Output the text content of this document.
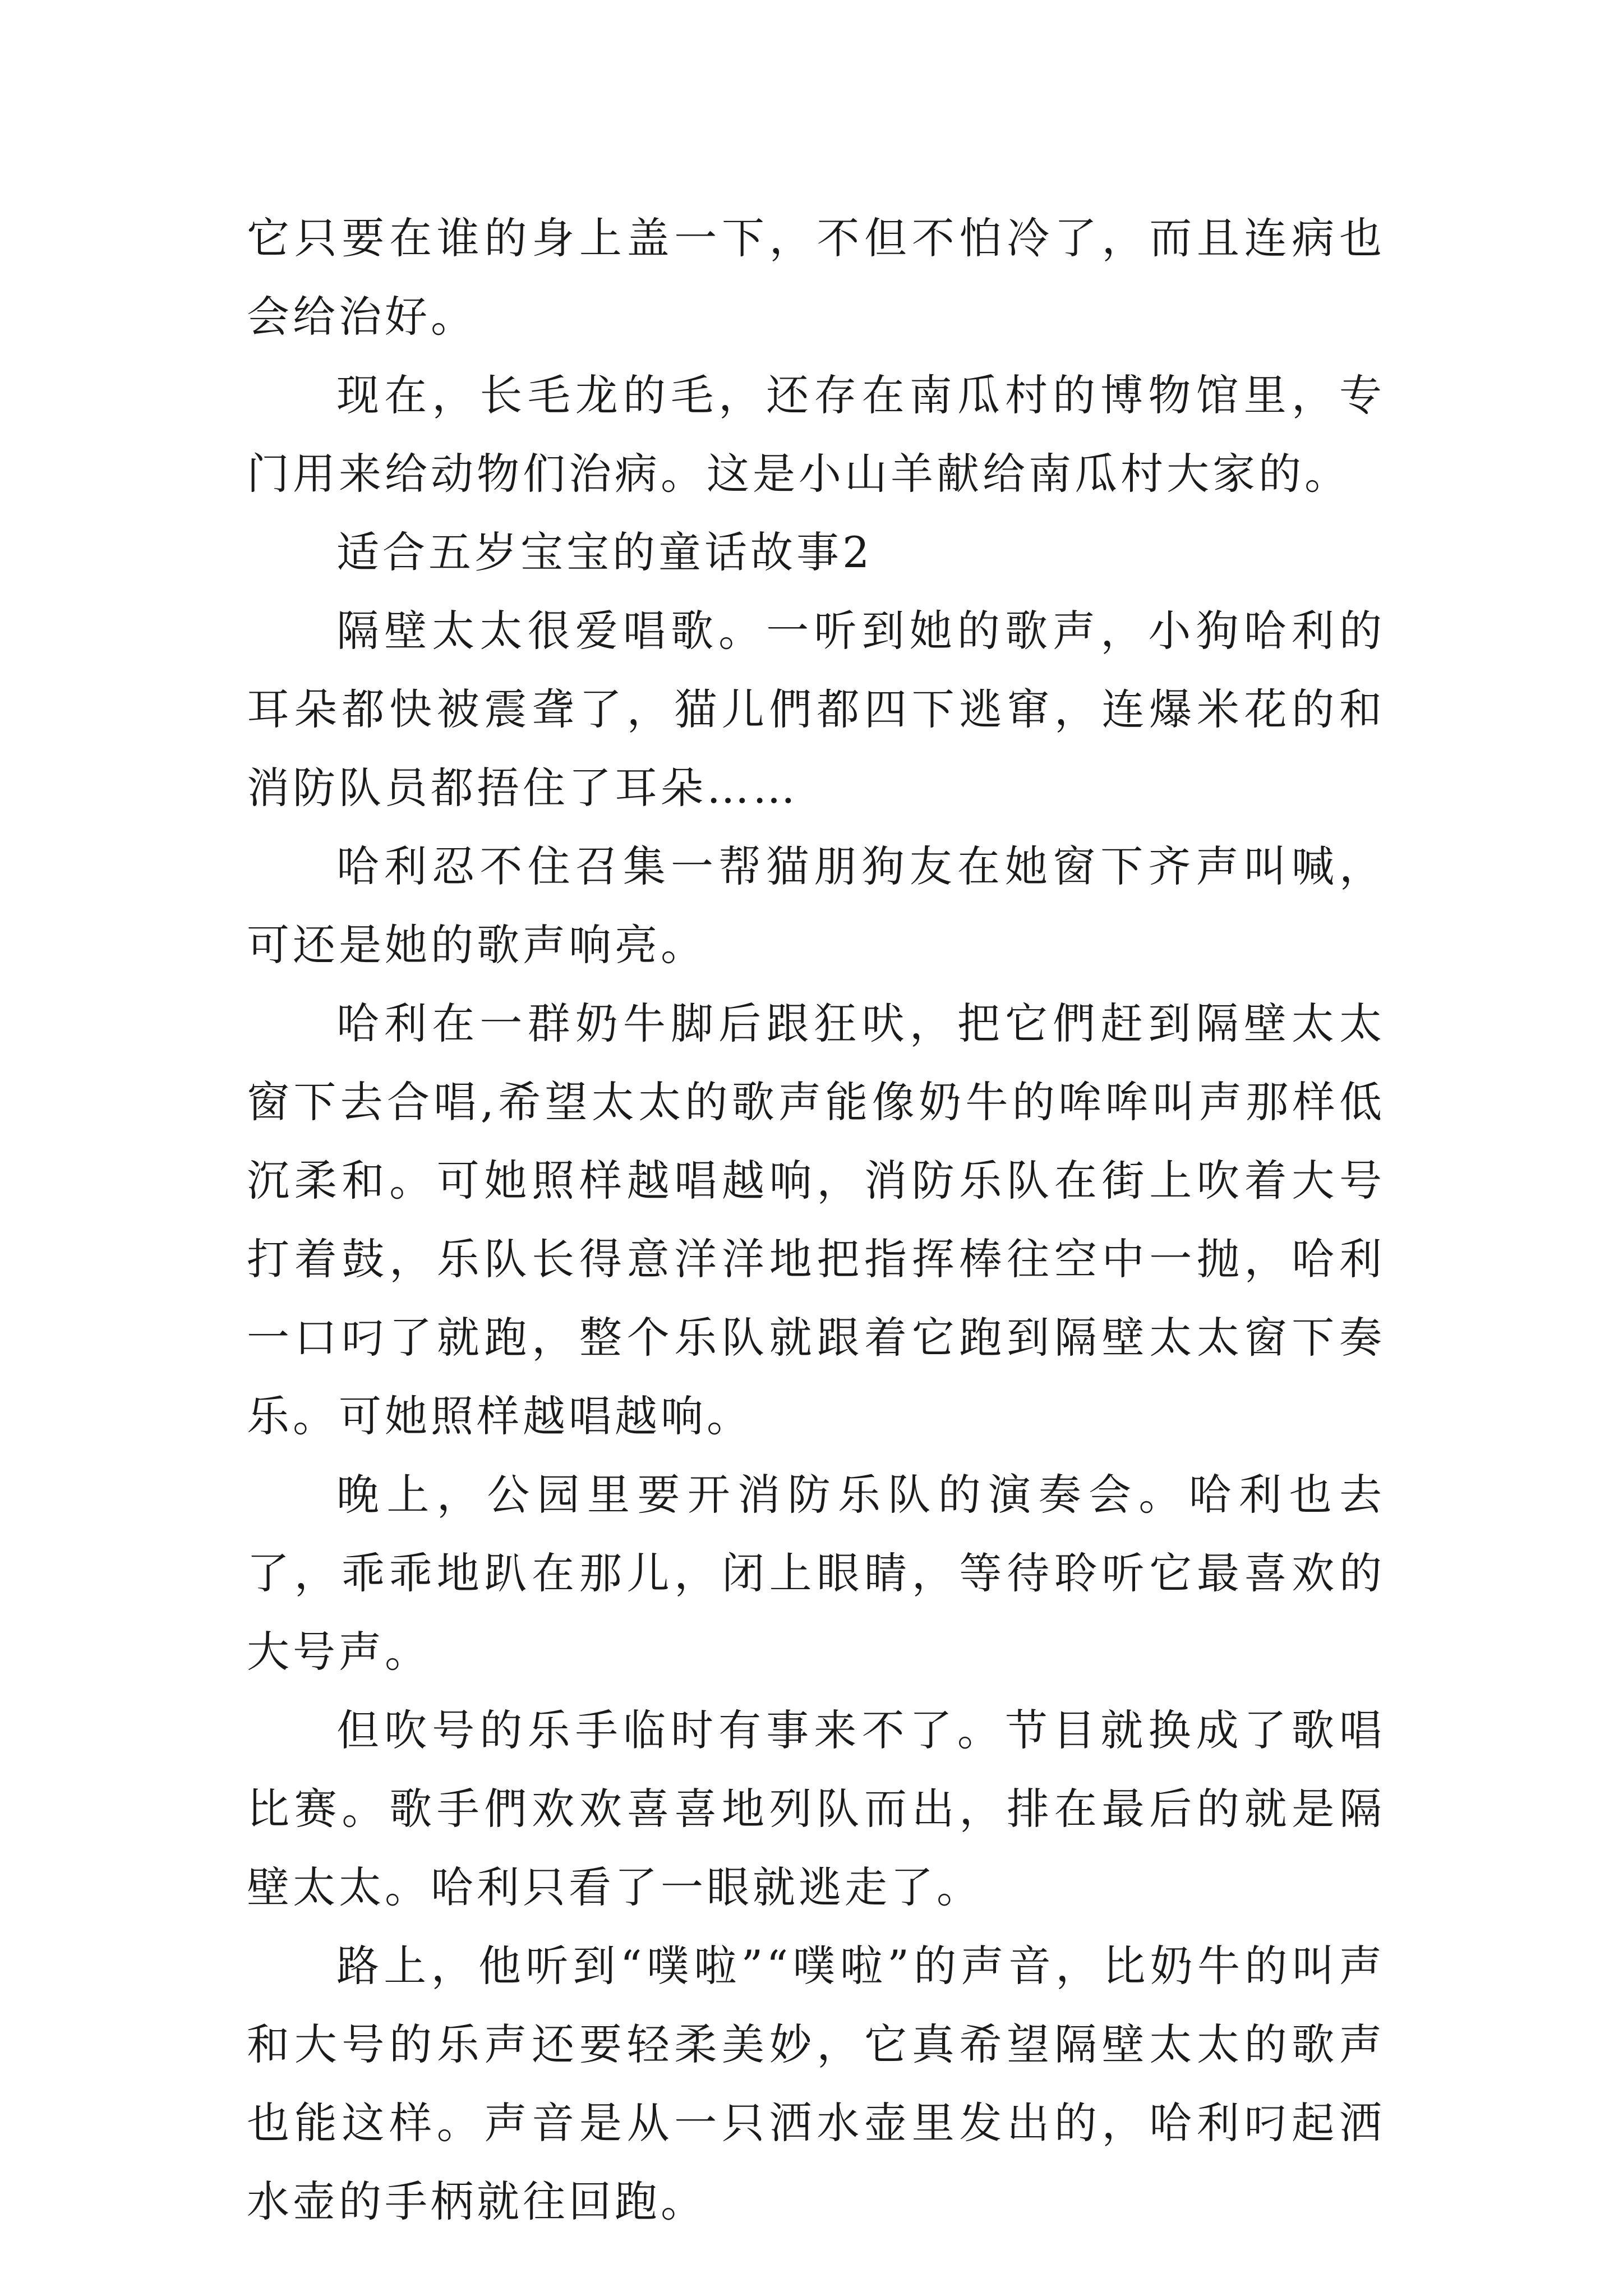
它只要在谁的身上盖一下，不但不怕冷了，而且连病也会给治好。

现在，长毛龙的毛，还存在南瓜村的博物馆里，专门用来给动物们治病。这是小山羊献给南瓜村大家的。

适合五岁宝宝的童话故事2

隔壁太太很爱唱歌。一听到她的歌声，小狗哈利的耳朵都快被震聋了，猫儿們都四下逃窜，连爆米花的和消防队员都捂住了耳朵……

哈利忍不住召集一帮猫朋狗友在她窗下齐声叫喊，可还是她的歌声响亮。

哈利在一群奶牛脚后跟狂吠，把它們赶到隔壁太太窗下去合唱,希望太太的歌声能像奶牛的哞哞叫声那样低沉柔和。可她照样越唱越响，消防乐队在街上吹着大号打着鼓，乐队长得意洋洋地把指挥棒往空中一抛，哈利一口叼了就跑，整个乐队就跟着它跑到隔壁太太窗下奏乐。可她照样越唱越响。

晚上，公园里要开消防乐队的演奏会。哈利也去了，乖乖地趴在那儿，闭上眼睛，等待聆听它最喜欢的大号声。

但吹号的乐手临时有事来不了。节目就换成了歌唱比赛。歌手們欢欢喜喜地列队而出，排在最后的就是隔壁太太。哈利只看了一眼就逃走了。

路上，他听到“噗啦”“噗啦”的声音，比奶牛的叫声和大号的乐声还要轻柔美妙，它真希望隔壁太太的歌声也能这样。声音是从一只洒水壶里发出的，哈利叼起洒水壶的手柄就往回跑。
